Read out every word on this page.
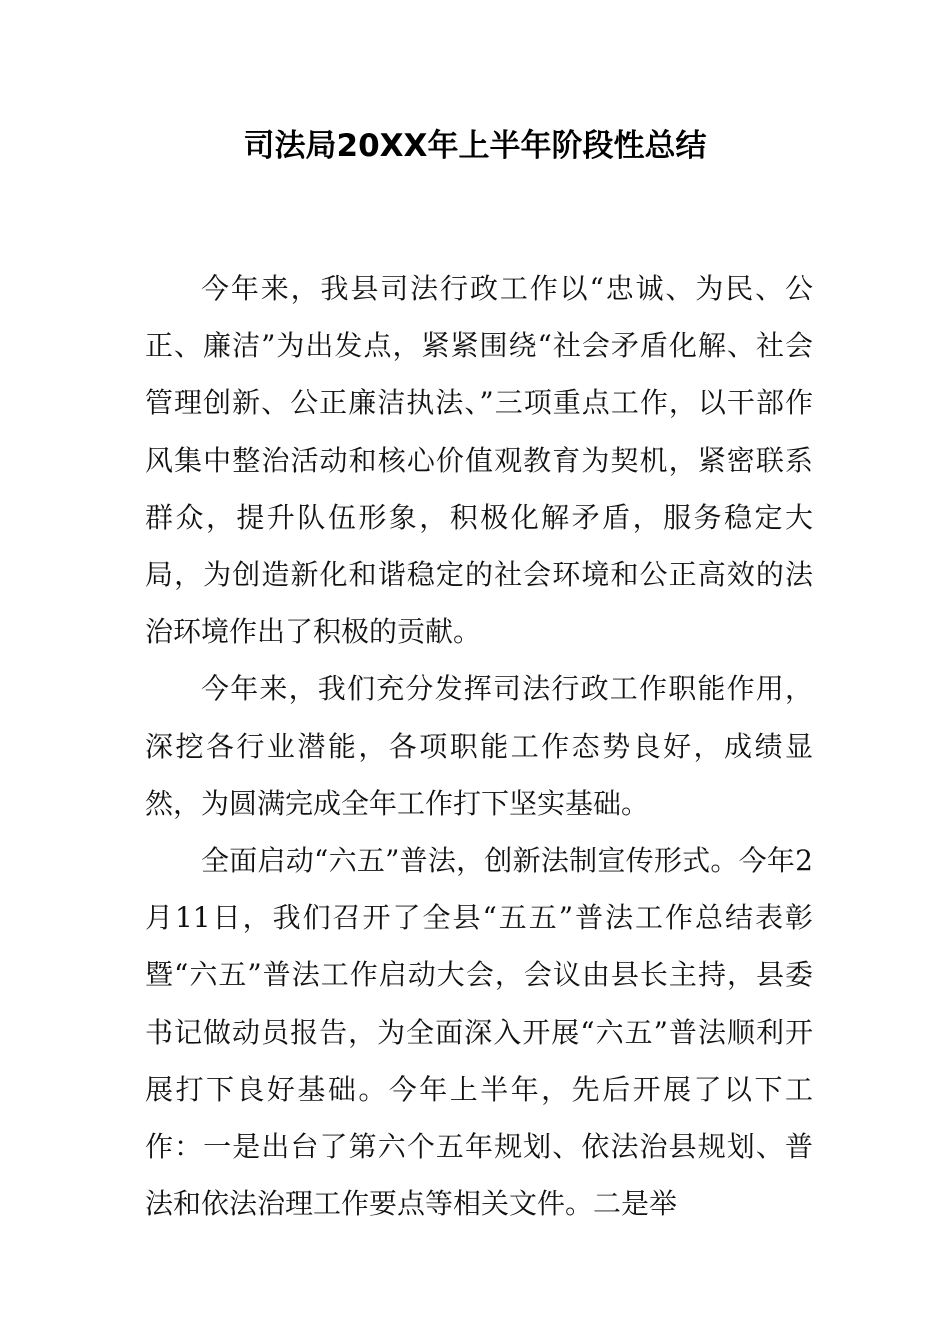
司法局20XX年上半年阶段性总结

今年来，我县司法行政工作以“忠诚、为民、公正、廉洁”为出发点，紧紧围绕“社会矛盾化解、社会管理创新、公正廉洁执法、”三项重点工作，以干部作风集中整治活动和核心价值观教育为契机，紧密联系群众，提升队伍形象，积极化解矛盾，服务稳定大局，为创造新化和谐稳定的社会环境和公正高效的法治环境作出了积极的贡献。

今年来，我们充分发挥司法行政工作职能作用，深挖各行业潜能，各项职能工作态势良好，成绩显然，为圆满完成全年工作打下坚实基础。

全面启动“六五”普法，创新法制宣传形式。今年2月11日，我们召开了全县“五五”普法工作总结表彰暨“六五”普法工作启动大会，会议由县长主持，县委书记做动员报告，为全面深入开展“六五”普法顺利开展打下良好基础。今年上半年，先后开展了以下工作：一是出台了第六个五年规划、依法治县规划、普法和依法治理工作要点等相关文件。二是举
